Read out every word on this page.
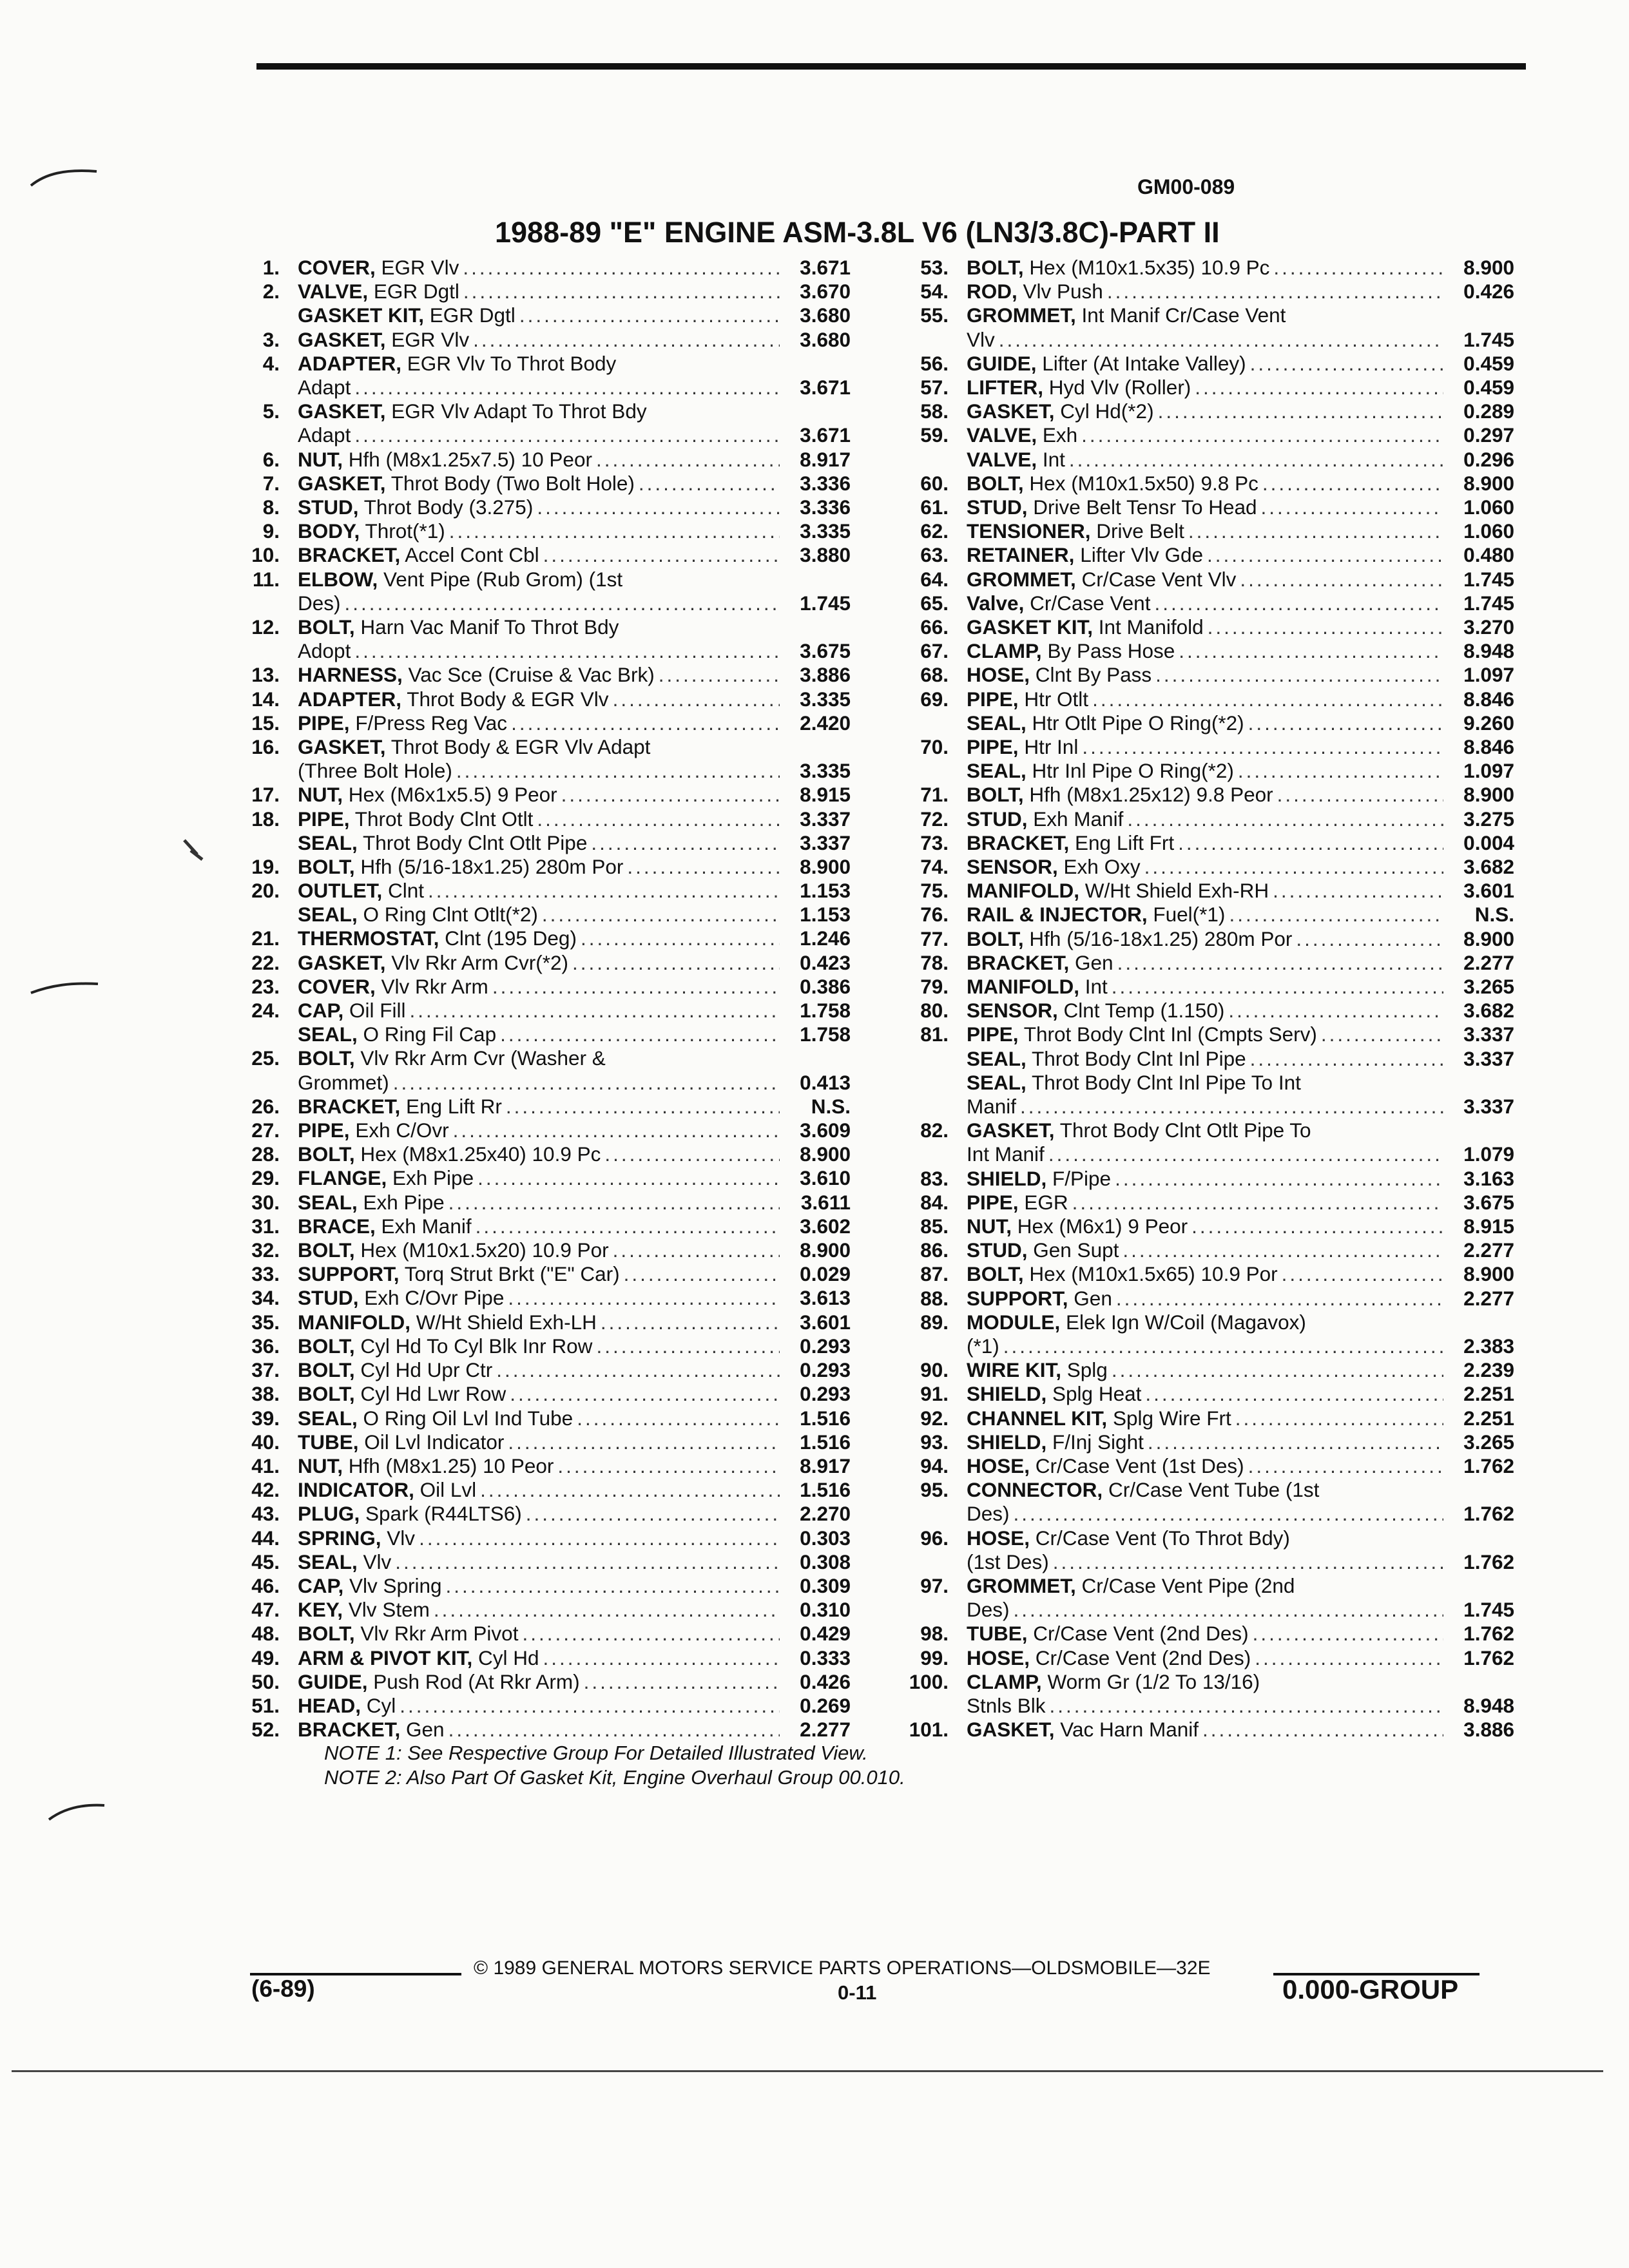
GM00-089
1988-89 "E" ENGINE ASM-3.8L V6 (LN3/3.8C)-PART II
1. COVER, EGR Vlv .....	3.671
2. VALVE, EGR Dgtl .....	3.670
GASKET KIT, EGR Dgtl .....	3.680
3. GASKET, EGR Vlv .....	3.680
4. ADAPTER, EGR Vlv To Throt Body
Adapt .....	3.671
5. GASKET, EGR Vlv Adapt To Throt Bdy
Adapt .....	3.671
6. NUT, Hfh (M8x1.25x7.5) 10 Peor .....	8.917
7. GASKET, Throt Body (Two Bolt Hole) .....	3.336
8. STUD, Throt Body (3.275) .....	3.336
9. BODY, Throt(*1) .....	3.335
10. BRACKET, Accel Cont Cbl .....	3.880
11. ELBOW, Vent Pipe (Rub Grom) (1st
Des) .....	1.745
12. BOLT, Harn Vac Manif To Throt Bdy
Adopt .....	3.675
13. HARNESS, Vac Sce (Cruise & Vac Brk) .....	3.886
14. ADAPTER, Throt Body & EGR Vlv .....	3.335
15. PIPE, F/Press Reg Vac .....	2.420
16. GASKET, Throt Body & EGR Vlv Adapt
(Three Bolt Hole) .....	3.335
17. NUT, Hex (M6x1x5.5) 9 Peor .....	8.915
18. PIPE, Throt Body Clnt Otlt .....	3.337
SEAL, Throt Body Clnt Otlt Pipe .....	3.337
19. BOLT, Hfh (5/16-18x1.25) 280m Por .....	8.900
20. OUTLET, Clnt .....	1.153
SEAL, O Ring Clnt Otlt(*2) .....	1.153
21. THERMOSTAT, Clnt (195 Deg) .....	1.246
22. GASKET, Vlv Rkr Arm Cvr(*2) .....	0.423
23. COVER, Vlv Rkr Arm .....	0.386
24. CAP, Oil Fill .....	1.758
SEAL, O Ring Fil Cap .....	1.758
25. BOLT, Vlv Rkr Arm Cvr (Washer &
Grommet) .....	0.413
26. BRACKET, Eng Lift Rr .....	N.S.
27. PIPE, Exh C/Ovr .....	3.609
28. BOLT, Hex (M8x1.25x40) 10.9 Pc .....	8.900
29. FLANGE, Exh Pipe .....	3.610
30. SEAL, Exh Pipe .....	3.611
31. BRACE, Exh Manif .....	3.602
32. BOLT, Hex (M10x1.5x20) 10.9 Por .....	8.900
33. SUPPORT, Torq Strut Brkt ("E" Car) .....	0.029
34. STUD, Exh C/Ovr Pipe .....	3.613
35. MANIFOLD, W/Ht Shield Exh-LH .....	3.601
36. BOLT, Cyl Hd To Cyl Blk Inr Row .....	0.293
37. BOLT, Cyl Hd Upr Ctr .....	0.293
38. BOLT, Cyl Hd Lwr Row .....	0.293
39. SEAL, O Ring Oil Lvl Ind Tube .....	1.516
40. TUBE, Oil Lvl Indicator .....	1.516
41. NUT, Hfh (M8x1.25) 10 Peor .....	8.917
42. INDICATOR, Oil Lvl .....	1.516
43. PLUG, Spark (R44LTS6) .....	2.270
44. SPRING, Vlv .....	0.303
45. SEAL, Vlv .....	0.308
46. CAP, Vlv Spring .....	0.309
47. KEY, Vlv Stem .....	0.310
48. BOLT, Vlv Rkr Arm Pivot .....	0.429
49. ARM & PIVOT KIT, Cyl Hd .....	0.333
50. GUIDE, Push Rod (At Rkr Arm) .....	0.426
51. HEAD, Cyl .....	0.269
52. BRACKET, Gen .....	2.277
53. BOLT, Hex (M10x1.5x35) 10.9 Pc .....	8.900
54. ROD, Vlv Push .....	0.426
55. GROMMET, Int Manif Cr/Case Vent
Vlv .....	1.745
56. GUIDE, Lifter (At Intake Valley) .....	0.459
57. LIFTER, Hyd Vlv (Roller) .....	0.459
58. GASKET, Cyl Hd(*2) .....	0.289
59. VALVE, Exh .....	0.297
VALVE, Int .....	0.296
60. BOLT, Hex (M10x1.5x50) 9.8 Pc .....	8.900
61. STUD, Drive Belt Tensr To Head .....	1.060
62. TENSIONER, Drive Belt .....	1.060
63. RETAINER, Lifter Vlv Gde .....	0.480
64. GROMMET, Cr/Case Vent Vlv .....	1.745
65. Valve, Cr/Case Vent .....	1.745
66. GASKET KIT, Int Manifold .....	3.270
67. CLAMP, By Pass Hose .....	8.948
68. HOSE, Clnt By Pass .....	1.097
69. PIPE, Htr Otlt .....	8.846
SEAL, Htr Otlt Pipe O Ring(*2) .....	9.260
70. PIPE, Htr Inl .....	8.846
SEAL, Htr Inl Pipe O Ring(*2) .....	1.097
71. BOLT, Hfh (M8x1.25x12) 9.8 Peor .....	8.900
72. STUD, Exh Manif .....	3.275
73. BRACKET, Eng Lift Frt .....	0.004
74. SENSOR, Exh Oxy .....	3.682
75. MANIFOLD, W/Ht Shield Exh-RH .....	3.601
76. RAIL & INJECTOR, Fuel(*1) .....	N.S.
77. BOLT, Hfh (5/16-18x1.25) 280m Por .....	8.900
78. BRACKET, Gen .....	2.277
79. MANIFOLD, Int .....	3.265
80. SENSOR, Clnt Temp (1.150) .....	3.682
81. PIPE, Throt Body Clnt Inl (Cmpts Serv) .....	3.337
SEAL, Throt Body Clnt Inl Pipe .....	3.337
SEAL, Throt Body Clnt Inl Pipe To Int
Manif .....	3.337
82. GASKET, Throt Body Clnt Otlt Pipe To
Int Manif .....	1.079
83. SHIELD, F/Pipe .....	3.163
84. PIPE, EGR .....	3.675
85. NUT, Hex (M6x1) 9 Peor .....	8.915
86. STUD, Gen Supt .....	2.277
87. BOLT, Hex (M10x1.5x65) 10.9 Por .....	8.900
88. SUPPORT, Gen .....	2.277
89. MODULE, Elek Ign W/Coil (Magavox)
(*1) .....	2.383
90. WIRE KIT, Splg .....	2.239
91. SHIELD, Splg Heat .....	2.251
92. CHANNEL KIT, Splg Wire Frt .....	2.251
93. SHIELD, F/Inj Sight .....	3.265
94. HOSE, Cr/Case Vent (1st Des) .....	1.762
95. CONNECTOR, Cr/Case Vent Tube (1st
Des) .....	1.762
96. HOSE, Cr/Case Vent (To Throt Bdy)
(1st Des) .....	1.762
97. GROMMET, Cr/Case Vent Pipe (2nd
Des) .....	1.745
98. TUBE, Cr/Case Vent (2nd Des) .....	1.762
99. HOSE, Cr/Case Vent (2nd Des) .....	1.762
100. CLAMP, Worm Gr (1/2 To 13/16)
Stnls Blk .....	8.948
101. GASKET, Vac Harn Manif .....	3.886
NOTE 1: See Respective Group For Detailed Illustrated View.
NOTE 2: Also Part Of Gasket Kit, Engine Overhaul Group 00.010.
© 1989 GENERAL MOTORS SERVICE PARTS OPERATIONS—OLDSMOBILE—32E
(6-89)	0-11	0.000-GROUP
